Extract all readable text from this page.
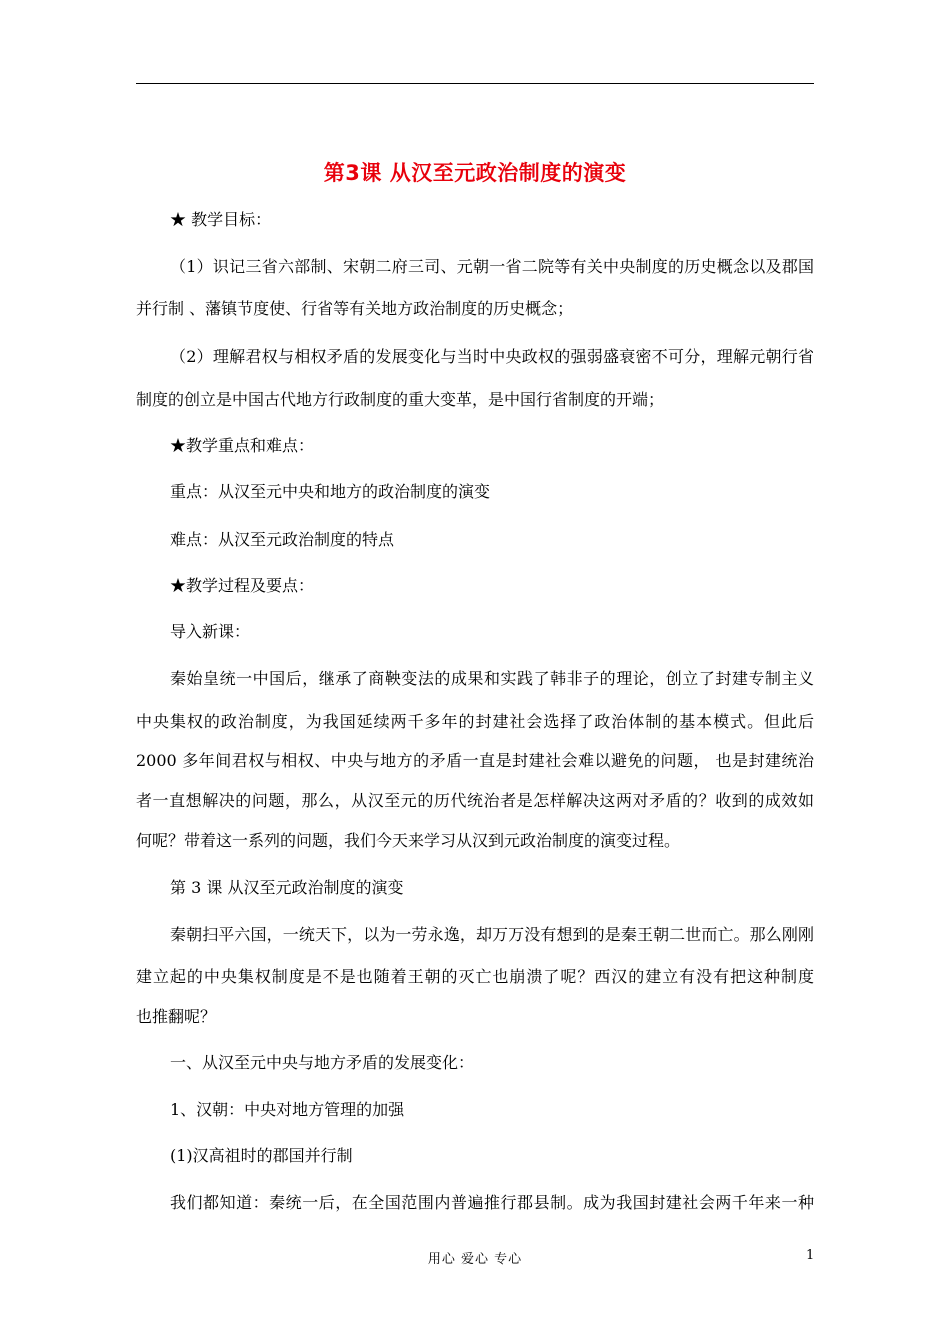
第3课 从汉至元政治制度的演变
★ 教学目标：
（1）识记三省六部制、宋朝二府三司、元朝一省二院等有关中央制度的历史概念以及郡国
并行制 、藩镇节度使、行省等有关地方政治制度的历史概念；
（2）理解君权与相权矛盾的发展变化与当时中央政权的强弱盛衰密不可分，理解元朝行省
制度的创立是中国古代地方行政制度的重大变革，是中国行省制度的开端；
★教学重点和难点：
重点：从汉至元中央和地方的政治制度的演变
难点：从汉至元政治制度的特点
★教学过程及要点：
导入新课：
秦始皇统一中国后，继承了商鞅变法的成果和实践了韩非子的理论，创立了封建专制主义
中央集权的政治制度，为我国延续两千多年的封建社会选择了政治体制的基本模式。但此后
2000 多年间君权与相权、中央与地方的矛盾一直是封建社会难以避免的问题， 也是封建统治
者一直想解决的问题，那么，从汉至元的历代统治者是怎样解决这两对矛盾的？收到的成效如
何呢？带着这一系列的问题，我们今天来学习从汉到元政治制度的演变过程。
第 3 课 从汉至元政治制度的演变
秦朝扫平六国，一统天下，以为一劳永逸，却万万没有想到的是秦王朝二世而亡。那么刚刚
建立起的中央集权制度是不是也随着王朝的灭亡也崩溃了呢？西汉的建立有没有把这种制度
也推翻呢？
一、从汉至元中央与地方矛盾的发展变化：
1、汉朝：中央对地方管理的加强
(1)汉高祖时的郡国并行制
我们都知道：秦统一后，在全国范围内普遍推行郡县制。成为我国封建社会两千年来一种
用心 爱心 专心	1
